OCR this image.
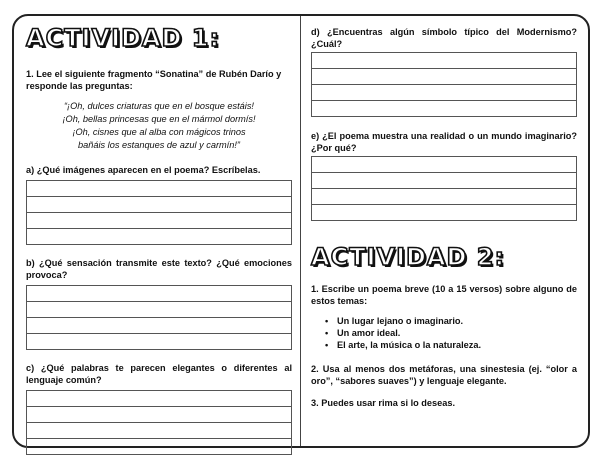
ACTIVIDAD 1:
1. Lee el siguiente fragmento “Sonatina” de Rubén Darío y responde las preguntas:
“¡Oh, dulces criaturas que en el bosque estáis!
¡Oh, bellas princesas que en el mármol dormís!
¡Oh, cisnes que al alba con mágicos trinos
bañáis los estanques de azul y carmín!”
a) ¿Qué imágenes aparecen en el poema? Escríbelas.
b) ¿Qué sensación transmite este texto? ¿Qué emociones provoca?
c) ¿Qué palabras te parecen elegantes o diferentes al lenguaje común?
d) ¿Encuentras algún símbolo típico del Modernismo? ¿Cuál?
e) ¿El poema muestra una realidad o un mundo imaginario? ¿Por qué?
ACTIVIDAD 2:
1. Escribe un poema breve (10 a 15 versos) sobre alguno de estos temas:
• Un lugar lejano o imaginario.
• Un amor ideal.
• El arte, la música o la naturaleza.
2. Usa al menos dos metáforas, una sinestesia (ej. “olor a oro”, “sabores suaves”) y lenguaje elegante.
3. Puedes usar rima si lo deseas.
